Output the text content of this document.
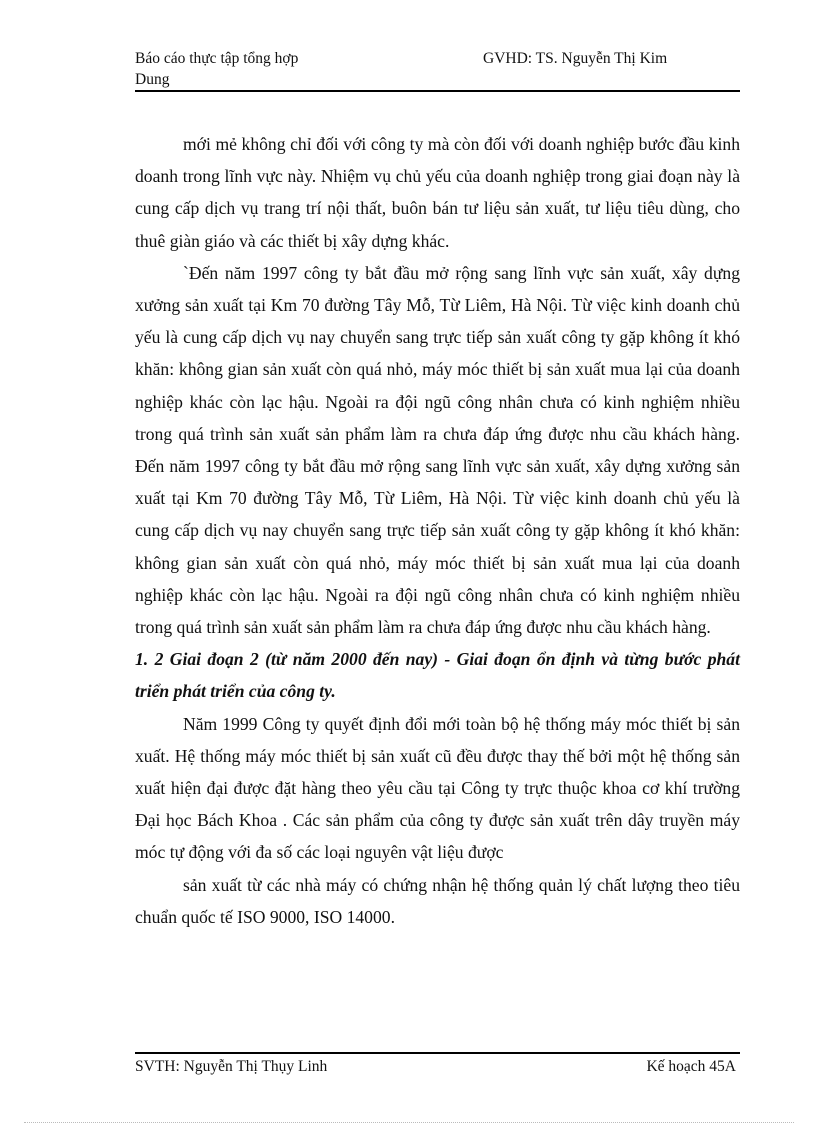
Báo cáo thực tập tổng hợp
Dung
GVHD: TS. Nguyễn Thị Kim

mới mẻ không chỉ đối với công ty mà còn đối với doanh nghiệp bước đầu kinh doanh trong lĩnh vực này. Nhiệm vụ chủ yếu của doanh nghiệp trong giai đoạn này là cung cấp dịch vụ trang trí nội thất, buôn bán tư liệu sản xuất, tư liệu tiêu dùng, cho thuê giàn giáo và các thiết bị xây dựng khác.

`Đến năm 1997 công ty bắt đầu mở rộng sang lĩnh vực sản xuất, xây dựng xưởng sản xuất tại Km 70 đường Tây Mỗ, Từ Liêm, Hà Nội. Từ việc kinh doanh chủ yếu là cung cấp dịch vụ nay chuyển sang trực tiếp sản xuất công ty gặp không ít khó khăn: không gian sản xuất còn quá nhỏ, máy móc thiết bị sản xuất mua lại của doanh nghiệp khác còn lạc hậu. Ngoài ra đội ngũ công nhân chưa có kinh nghiệm nhiều trong quá trình sản xuất sản phẩm làm ra chưa đáp ứng được nhu cầu khách hàng. Đến năm 1997 công ty bắt đầu mở rộng sang lĩnh vực sản xuất, xây dựng xưởng sản xuất tại Km 70 đường Tây Mỗ, Từ Liêm, Hà Nội. Từ việc kinh doanh chủ yếu là cung cấp dịch vụ nay chuyển sang trực tiếp sản xuất công ty gặp không ít khó khăn: không gian sản xuất còn quá nhỏ, máy móc thiết bị sản xuất mua lại của doanh nghiệp khác còn lạc hậu. Ngoài ra đội ngũ công nhân chưa có kinh nghiệm nhiều trong quá trình sản xuất sản phẩm làm ra chưa đáp ứng được nhu cầu khách hàng.

1. 2 Giai đoạn 2 (từ năm 2000 đến nay) - Giai đoạn ổn định và từng bước phát triển phát triển của công ty.

Năm 1999 Công ty quyết định đổi mới toàn bộ hệ thống máy móc thiết bị sản xuất. Hệ thống máy móc thiết bị sản xuất cũ đều được thay thế bởi một hệ thống sản xuất hiện đại được đặt hàng theo yêu cầu tại Công ty trực thuộc khoa cơ khí trường Đại học Bách Khoa . Các sản phẩm của công ty được sản xuất trên dây truyền máy móc tự động với đa số các loại nguyên vật liệu được

sản xuất từ các nhà máy có chứng nhận hệ thống quản lý chất lượng theo tiêu chuẩn quốc tế ISO 9000, ISO 14000.

SVTH: Nguyễn Thị Thụy Linh	Kế hoạch 45A
